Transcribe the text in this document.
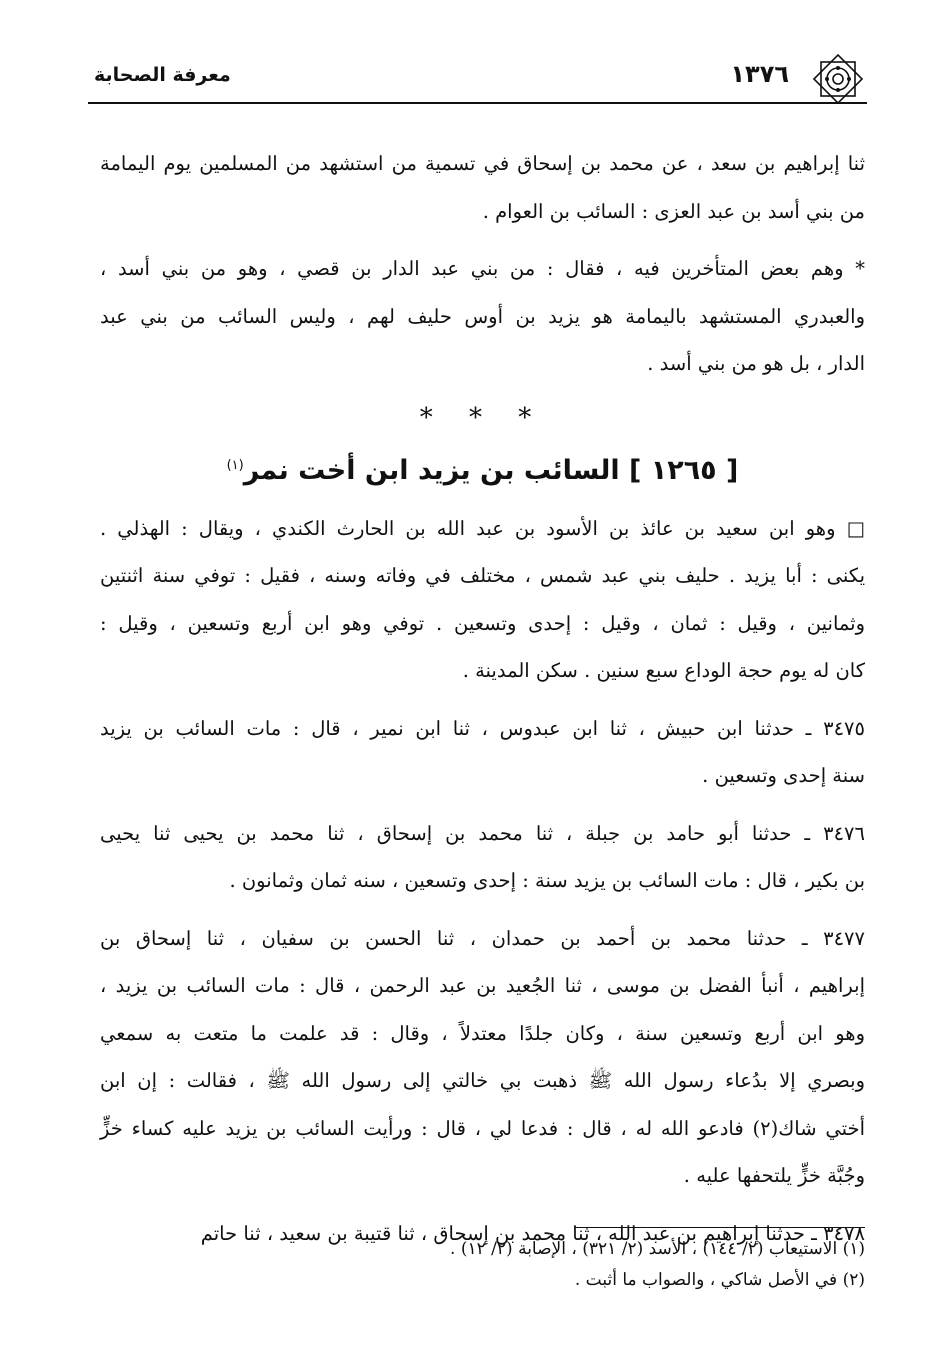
١٣٧٦
معرفة الصحابة
ثنا إبراهيم بن سعد ، عن محمد بن إسحاق في تسمية من استشهد من المسلمين يوم اليمامة
من بني أسد بن عبد العزى : السائب بن العوام .
* وهم بعض المتأخرين فيه ، فقال : من بني عبد الدار بن قصي ، وهو من بني أسد ،
والعبدري المستشهد باليمامة هو يزيد بن أوس حليف لهم ، وليس السائب من بني عبد
الدار ، بل هو من بني أسد .
* * *
[ ١٢٦٥ ] السائب بن يزيد ابن أخت نمر$^{(١)}$
□ وهو ابن سعيد بن عائذ بن الأسود بن عبد الله بن الحارث الكندي ، ويقال : الهذلي .
يكنى : أبا يزيد . حليف بني عبد شمس ، مختلف في وفاته وسنه ، فقيل : توفي سنة اثنتين
وثمانين ، وقيل : ثمان ، وقيل : إحدى وتسعين . توفي وهو ابن أربع وتسعين ، وقيل :
كان له يوم حجة الوداع سبع سنين . سكن المدينة .
٣٤٧٥ ـ حدثنا ابن حبيش ، ثنا ابن عبدوس ، ثنا ابن نمير ، قال : مات السائب بن يزيد
سنة إحدى وتسعين .
٣٤٧٦ ـ حدثنا أبو حامد بن جبلة ، ثنا محمد بن إسحاق ، ثنا محمد بن يحيى ثنا يحيى
بن بكير ، قال : مات السائب بن يزيد سنة : إحدى وتسعين ، سنه ثمان وثمانون .
٣٤٧٧ ـ حدثنا محمد بن أحمد بن حمدان ، ثنا الحسن بن سفيان ، ثنا إسحاق بن
إبراهيم ، أنبأ الفضل بن موسى ، ثنا الجُعيد بن عبد الرحمن ، قال : مات السائب بن يزيد ،
وهو ابن أربع وتسعين سنة ، وكان جلدًا معتدلاً ، وقال : قد علمت ما متعت به سمعي
وبصري إلا بدُعاء رسول الله ﷺ ذهبت بي خالتي إلى رسول الله ﷺ ، فقالت : إن ابن
أختي شاك(٢) فادعو الله له ، قال : فدعا لي ، قال : ورأيت السائب بن يزيد عليه كساء خزٍّ
وجُبَّة خزٍّ يلتحفها عليه .
٣٤٧٨ ـ حدثنا إبراهيم بن عبد الله ، ثنا محمد بن إسحاق ، ثنا قتيبة بن سعيد ، ثنا حاتم
(١) الاستيعاب (٢/ ١٤٤) ، الأسد (٢/ ٣٢١) ، الإصابة (٢/ ١٢) .
(٢) في الأصل شاكي ، والصواب ما أثبت .
